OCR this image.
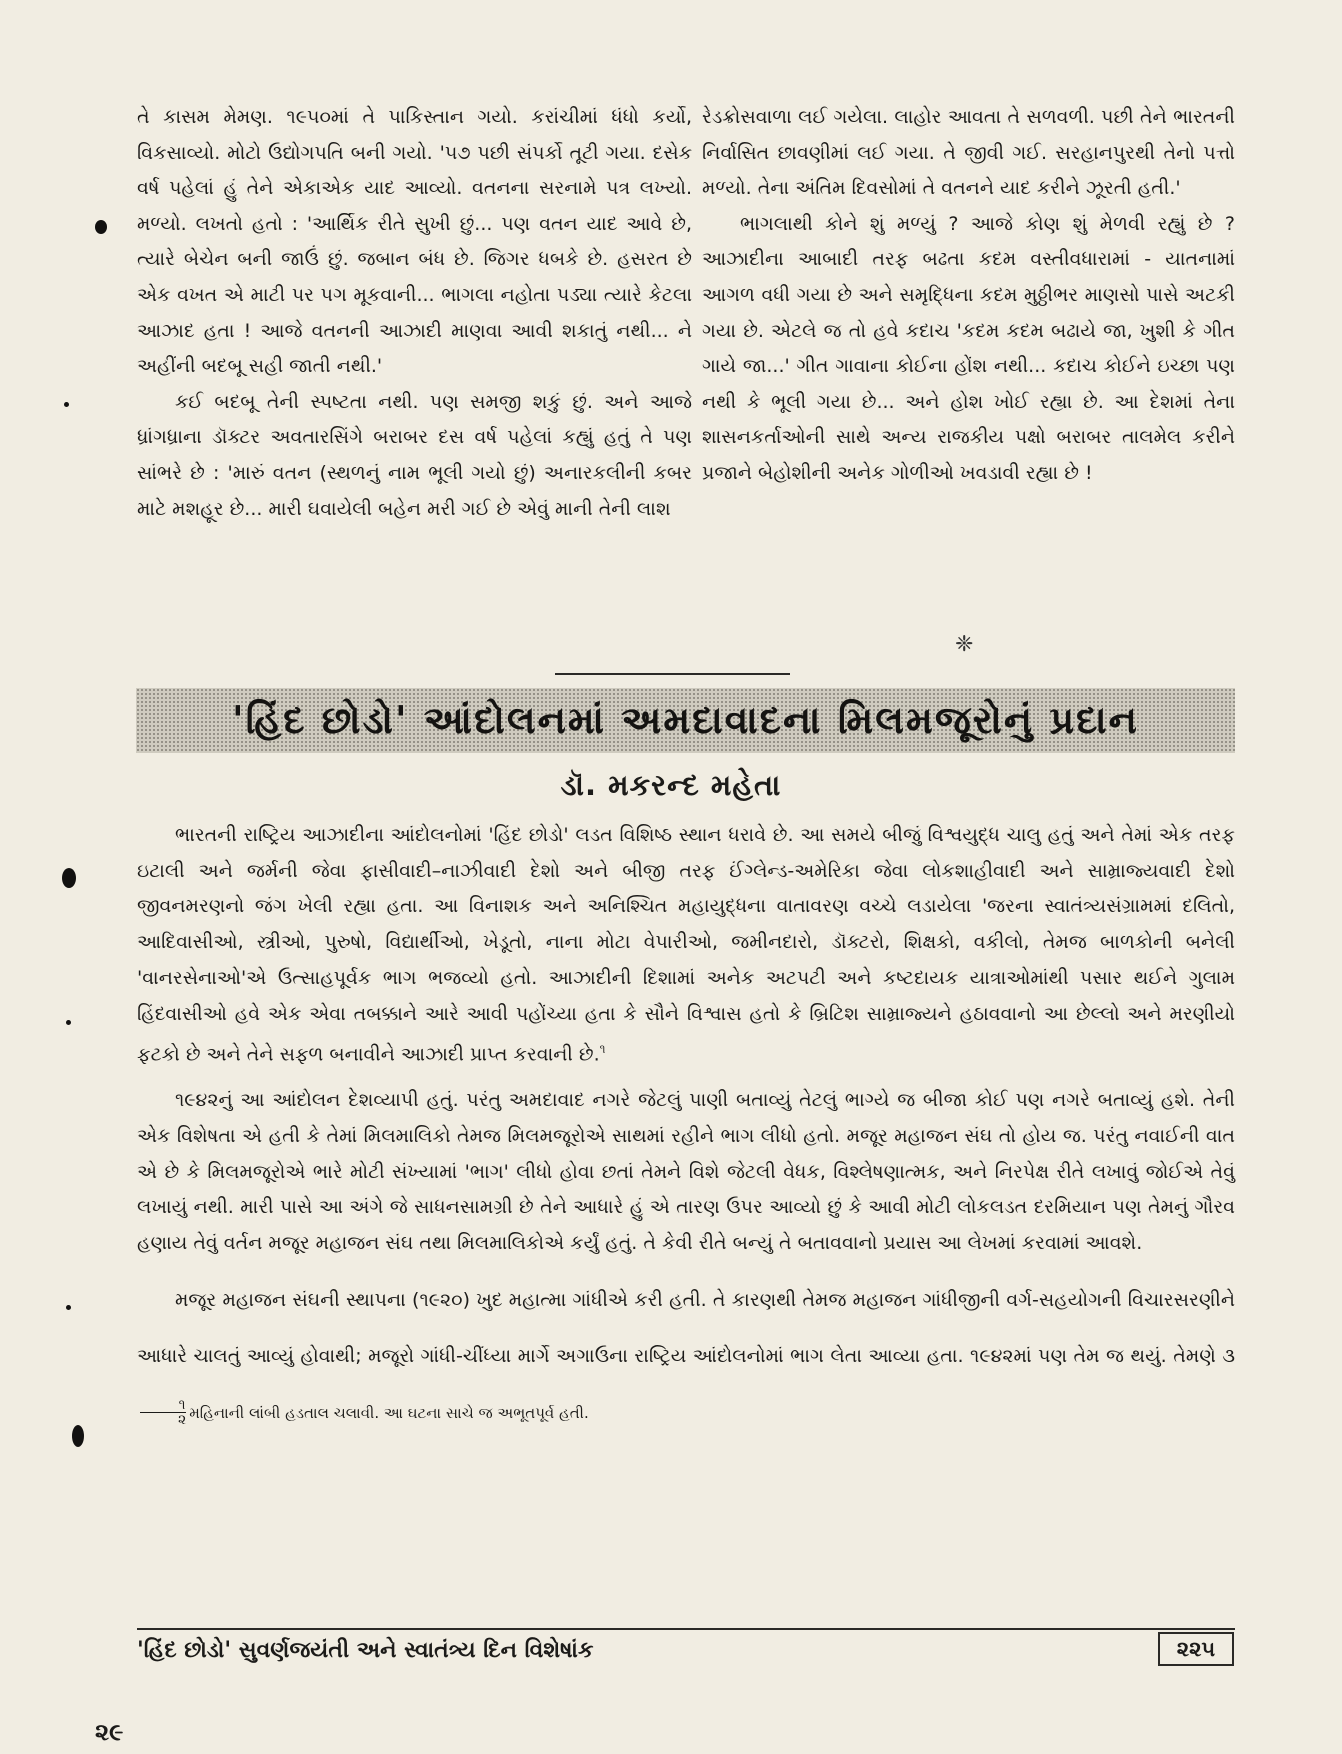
તે કાસમ મેમણ. ૧૯૫૦માં તે પાકિસ્તાન ગયો. કરાંચીમાં ધંધો કર્યો, વિકસાવ્યો. મોટો ઉદ્યોગપતિ બની ગયો. '૫૭ પછી સંપર્કો તૂટી ગયા. દસેક વર્ષ પહેલાં હું તેને એકાએક યાદ આવ્યો. વતનના સરનામે પત્ર લખ્યો. મળ્યો. લખતો હતો : 'આર્થિક રીતે સુખી છું... પણ વતન યાદ આવે છે, ત્યારે બેચેન બની જાઉં છું. જબાન બંધ છે. જિગર ધબકે છે. હસરત છે એક વખત એ માટી પર પગ મૂકવાની... ભાગલા નહોતા પડ્યા ત્યારે કેટલા આઝાદ હતા ! આજે વતનની આઝાદી માણવા આવી શકાતું નથી... ને અહીંની બદબૂ સહી જાતી નથી.'

કઈ બદબૂ તેની સ્પષ્ટતા નથી. પણ સમજી શકું છું. અને આજે ધ્રાંગધ્રાના ડૉક્ટર અવતારસિંગે બરાબર દસ વર્ષ પહેલાં કહ્યું હતું તે પણ સાંભરે છે : 'મારું વતન (સ્થળનું નામ ભૂલી ગયો છું) અનારકલીની કબર માટે મશહૂર છે... મારી ઘવાયેલી બહેન મરી ગઈ છે એવું માની તેની લાશ

રેડક્રોસવાળા લઈ ગયેલા. લાહોર આવતા તે સળવળી. પછી તેને ભારતની નિર્વાસિત છાવણીમાં લઈ ગયા. તે જીવી ગઈ. સરહાનપુરથી તેનો પત્તો મળ્યો. તેના અંતિમ દિવસોમાં તે વતનને યાદ કરીને ઝૂરતી હતી.'

ભાગલાથી કોને શું મળ્યું ? આજે કોણ શું મેળવી રહ્યું છે ? આઝાદીના આબાદી તરફ બઢતા કદમ વસ્તીવધારામાં - યાતનામાં આગળ વધી ગયા છે અને સમૃદ્ધિના કદમ મુઠ્ઠીભર માણસો પાસે અટકી ગયા છે. એટલે જ તો હવે કદાચ 'કદમ કદમ બઢાયે જા, ખુશી કે ગીત ગાયે જા...' ગીત ગાવાના કોઈના હોંશ નથી... કદાચ કોઈને ઇચ્છા પણ નથી કે ભૂલી ગયા છે... અને હોશ ખોઈ રહ્યા છે. આ દેશમાં તેના શાસનકર્તાઓની સાથે અન્ય રાજકીય પક્ષો બરાબર તાલમેલ કરીને પ્રજાને બેહોશીની અનેક ગોળીઓ ખવડાવી રહ્યા છે !

❈
'હિંદ છોડો' આંદોલનમાં અમદાવાદના મિલમજૂરોનું પ્રદાન
ડૉ. મકરન્દ મહેતા

ભારતની રાષ્ટ્રિય આઝાદીના આંદોલનોમાં 'હિંદ છોડો' લડત વિશિષ્ઠ સ્થાન ધરાવે છે. આ સમયે બીજું વિશ્વયુદ્ધ ચાલુ હતું અને તેમાં એક તરફ ઇટાલી અને જર્મની જેવા ફાસીવાદી–નાઝીવાદી દેશો અને બીજી તરફ ઈંગ્લેન્ડ-અમેરિકા જેવા લોકશાહીવાદી અને સામ્રાજ્યવાદી દેશો જીવનમરણનો જંગ ખેલી રહ્યા હતા. આ વિનાશક અને અનિશ્ચિત મહાયુદ્ધના વાતાવરણ વચ્ચે લડાયેલા 'જરના સ્વાતંત્ર્યસંગ્રામમાં દલિતો, આદિવાસીઓ, સ્ત્રીઓ, પુરુષો, વિદ્યાર્થીઓ, ખેડૂતો, નાના મોટા વેપારીઓ, જમીનદારો, ડૉક્ટરો, શિક્ષકો, વકીલો, તેમજ બાળકોની બનેલી 'વાનરસેનાઓ'એ ઉત્સાહપૂર્વક ભાગ ભજવ્યો હતો. આઝાદીની દિશામાં અનેક અટપટી અને કષ્ટદાયક યાત્રાઓમાંથી પસાર થઈને ગુલામ હિંદવાસીઓ હવે એક એવા તબક્કાને આરે આવી પહોંચ્યા હતા કે સૌને વિશ્વાસ હતો કે બ્રિટિશ સામ્રાજ્યને હઠાવવાનો આ છેલ્લો અને મરણીયો ફટકો છે અને તેને સફળ બનાવીને આઝાદી પ્રાપ્ત કરવાની છે.$^૧$

૧૯૪૨નું આ આંદોલન દેશવ્યાપી હતું. પરંતુ અમદાવાદ નગરે જેટલું પાણી બતાવ્યું તેટલું ભાગ્યે જ બીજા કોઈ પણ નગરે બતાવ્યું હશે. તેની એક વિશેષતા એ હતી કે તેમાં મિલમાલિકો તેમજ મિલમજૂરોએ સાથમાં રહીને ભાગ લીધો હતો. મજૂર મહાજન સંઘ તો હોય જ. પરંતુ નવાઈની વાત એ છે કે મિલમજૂરોએ ભારે મોટી સંખ્યામાં 'ભાગ' લીધો હોવા છતાં તેમને વિશે જેટલી વેધક, વિશ્લેષણાત્મક, અને નિરપેક્ષ રીતે લખાવું જોઈએ તેવું લખાયું નથી. મારી પાસે આ અંગે જે સાધનસામગ્રી છે તેને આધારે હું એ તારણ ઉપર આવ્યો છું કે આવી મોટી લોકલડત દરમિયાન પણ તેમનું ગૌરવ હણાય તેવું વર્તન મજૂર મહાજન સંઘ તથા મિલમાલિકોએ કર્યું હતું. તે કેવી રીતે બન્યું તે બતાવવાનો પ્રયાસ આ લેખમાં કરવામાં આવશે.

મજૂર મહાજન સંઘની સ્થાપના (૧૯૨૦) ખુદ મહાત્મા ગાંધીએ કરી હતી. તે કારણથી તેમજ મહાજન ગાંધીજીની વર્ગ-સહયોગની વિચારસરણીને આધારે ચાલતું આવ્યું હોવાથી; મજૂરો ગાંધી-ચીંધ્યા માર્ગે અગાઉના રાષ્ટ્રિય આંદોલનોમાં ભાગ લેતા આવ્યા હતા. ૧૯૪૨માં પણ તેમ જ થયું. તેમણે ૩
$\frac{૧}{૨}$ મહિનાની લાંબી હડતાલ ચલાવી. આ ઘટના સાચે જ અભૂતપૂર્વ હતી.

'હિંદ છોડો' સુવર્ણજયંતી અને સ્વાતંત્ર્ય દિન વિશેષાંક	૨૨૫
૨૯
